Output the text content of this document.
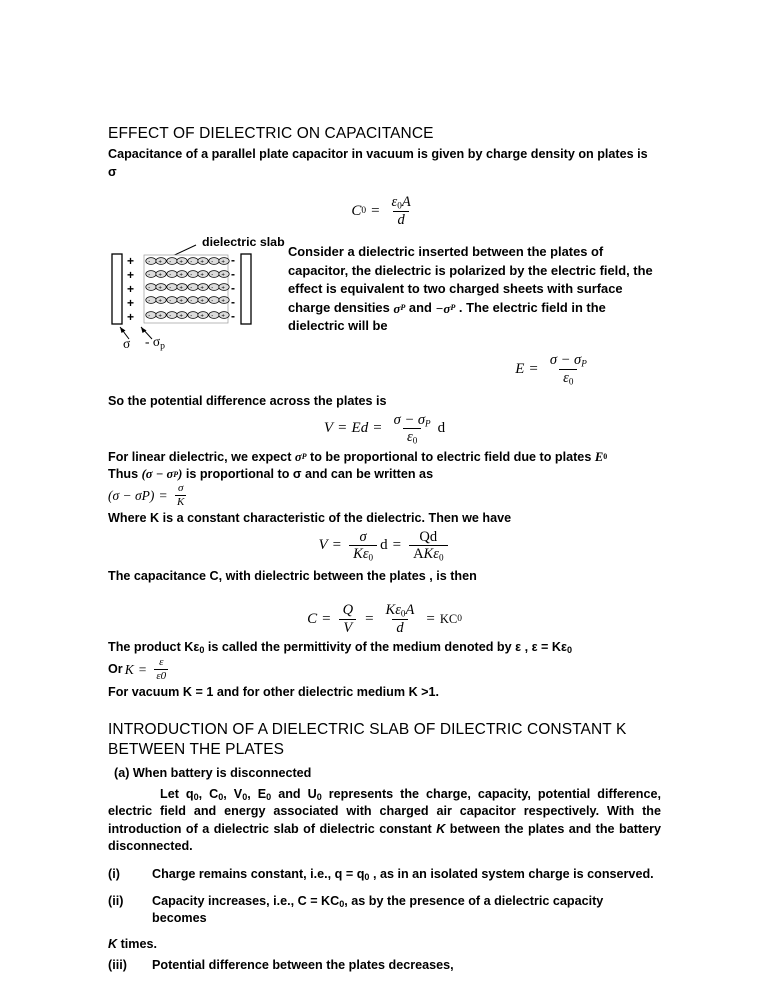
EFFECT OF DIELECTRIC ON CAPACITANCE
Capacitance of a parallel plate capacitor in vacuum is given by charge density on plates is
σ
C $0 = \frac{\varepsilon_0A}{d}$
+
+
+
+
+
-
-
-
-
-
- + - + - + - +
- + - + - + - +
- + - + - + - +
- + - + - + - +
- + - + - + - +
dielectric slab
σ - $\sigma_p$
Consider a dielectric inserted between the plates of capacitor, the dielectric is polarized by the electric field, the effect is equivalent to two charged sheets with surface charge densities σ P and −σ P . The electric field in the dielectric will be
$E = \frac{\sigma - \sigma_P}{\varepsilon_0}$
So the potential difference across the plates is
$V = Ed = \frac{\sigma - \sigma_P}{\varepsilon_0}$ d
For linear dielectric, we expect σ P to be proportional to electric field due to plates E 0
Thus (σ − σ P ) is proportional to σ and can be written as
$(\sigma - \sigma P) = \frac{\sigma}{K}$
Where K is a constant characteristic of the dielectric. Then we have
$V = \frac{\sigma}{K\varepsilon_0}$ $d = \frac{Qd}{AK\varepsilon_0}$
The capacitance C, with dielectric between the plates , is then
$C = \frac{Q}{V} = \frac{K\varepsilon_0A}{d}$ = KC 0
The product Kε0 is called the permittivity of the medium denoted by ε , ε = Kε0
Or $K = \frac{\varepsilon}{\varepsilon 0}$
For vacuum K = 1 and for other dielectric medium K >1.
INTRODUCTION OF A DIELECTRIC SLAB OF DILECTRIC CONSTANT K
BETWEEN THE PLATES
(a) When battery is disconnected
Let q0, C0, V0, E0 and U0 represents the charge, capacity, potential difference, electric field and energy associated with charged air capacitor respectively. With the introduction of a dielectric slab of dielectric constant K between the plates and the battery disconnected.
(i)	Charge remains constant, i.e., q = q0 , as in an isolated system charge is conserved.
(ii)	Capacity increases, i.e., C = KC0, as by the presence of a dielectric capacity becomes
K times.
(iii)	Potential difference between the plates decreases,
